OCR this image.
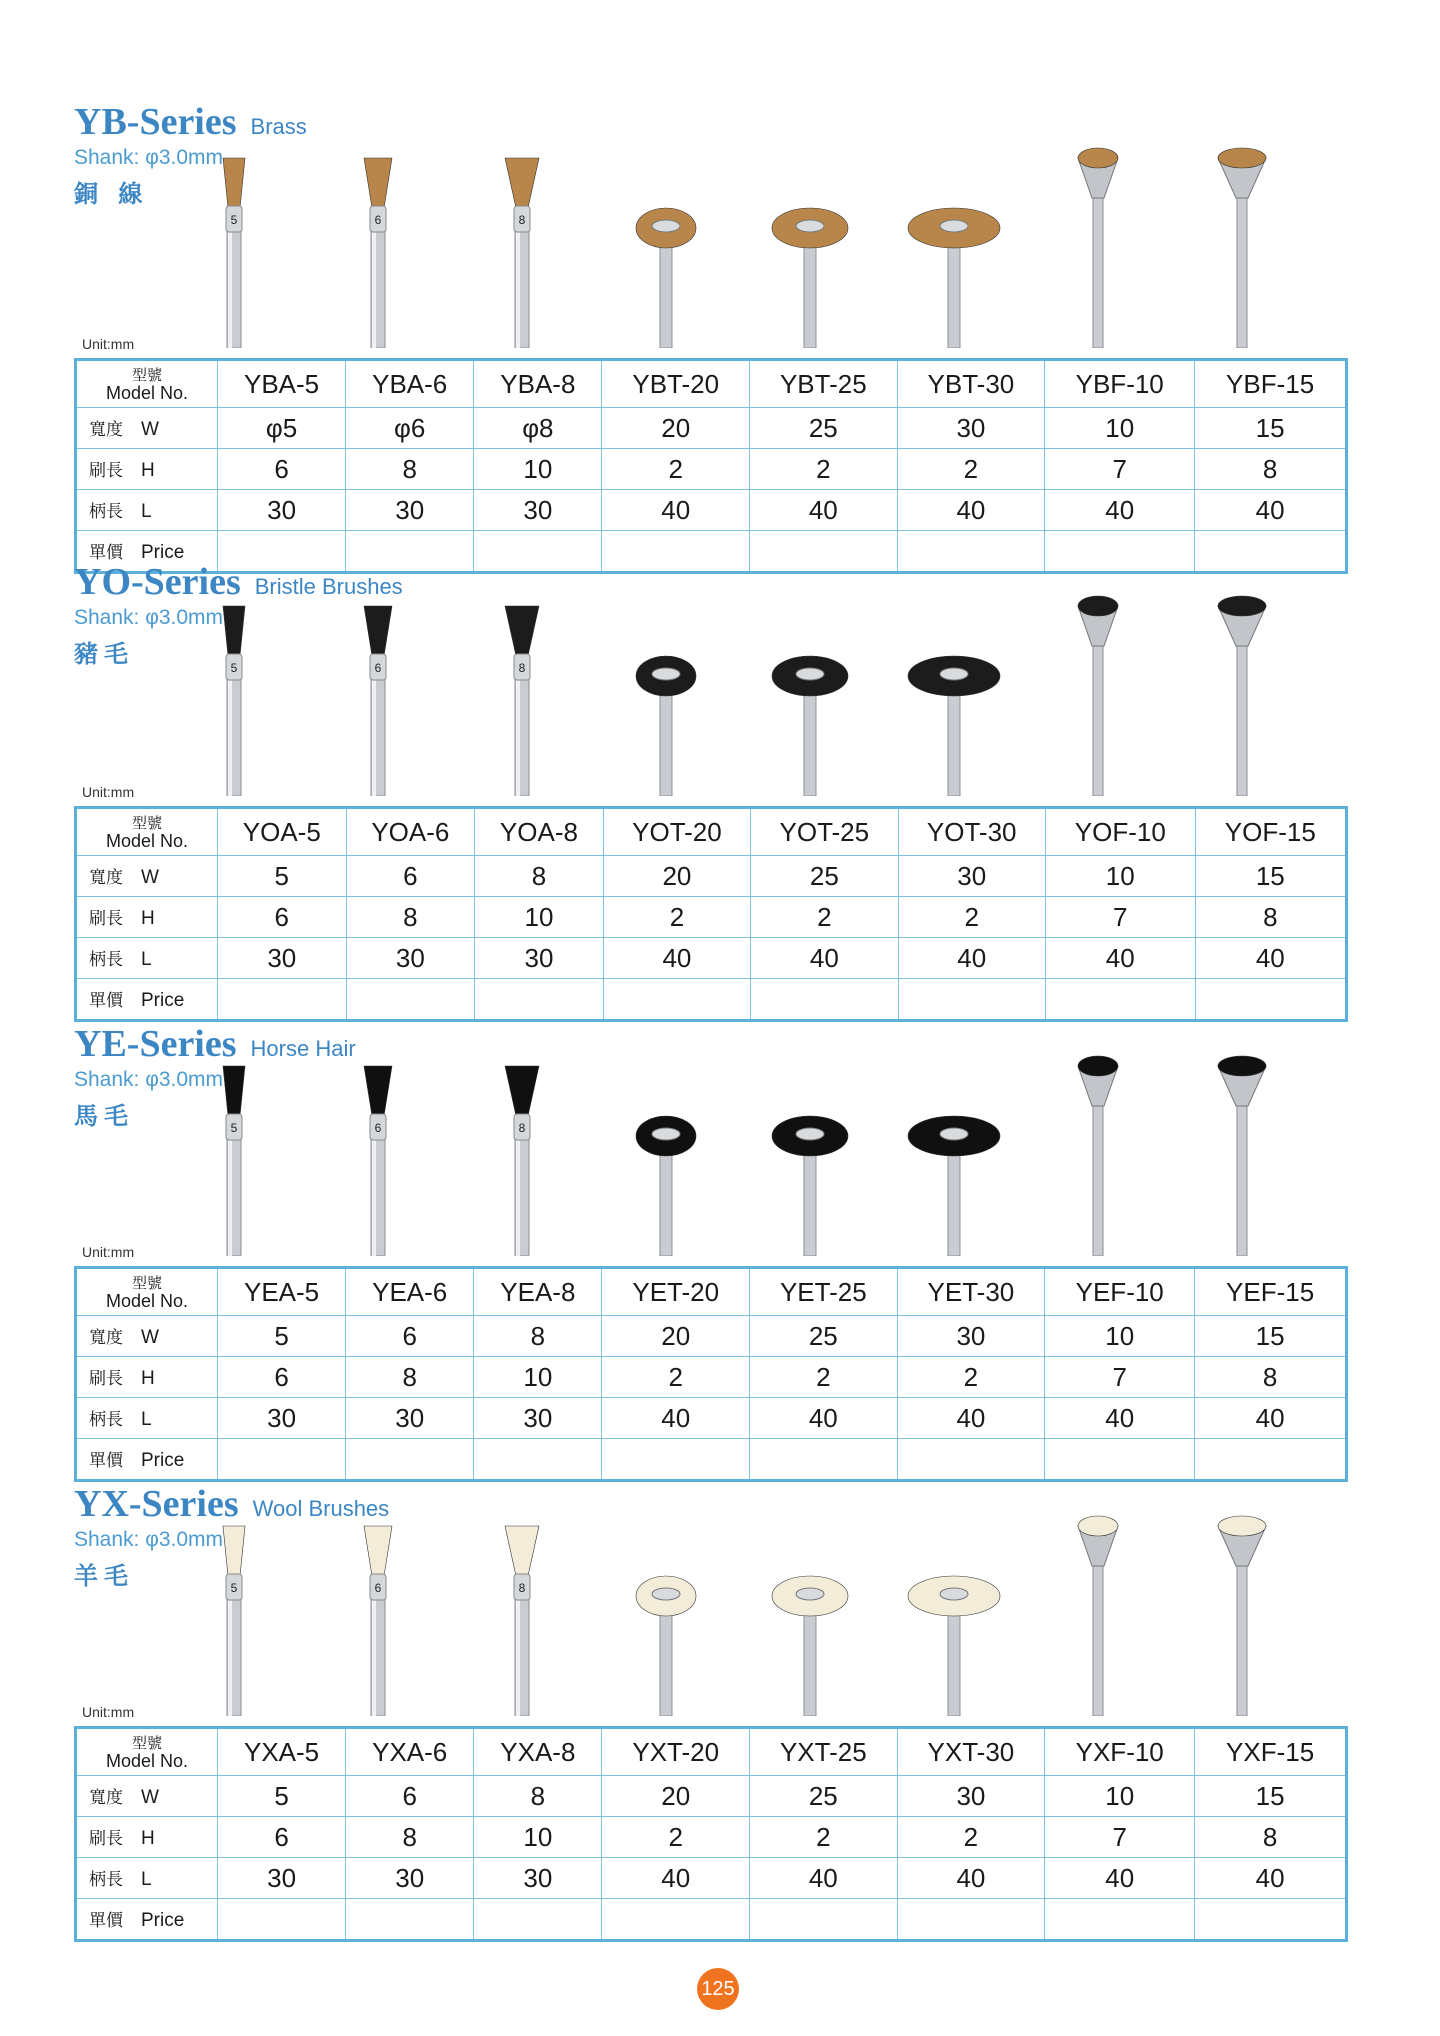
YB-Series Brass
Shank: φ3.0mm
銅 線
Unit:mm
5	6	8
型號
Model No.	YBA-5	YBA-6	YBA-8	YBT-20	YBT-25	YBT-30	YBF-10	YBF-15
寬度 W	φ5	φ6	φ8	20	25	30	10	15
刷長 H	6	8	10	2	2	2	7	8
柄長 L	30	30	30	40	40	40	40	40
單價 Price								
YO-Series Bristle Brushes
Shank: φ3.0mm
豬毛
Unit:mm
5	6	8
型號
Model No.	YOA-5	YOA-6	YOA-8	YOT-20	YOT-25	YOT-30	YOF-10	YOF-15
寬度 W	5	6	8	20	25	30	10	15
刷長 H	6	8	10	2	2	2	7	8
柄長 L	30	30	30	40	40	40	40	40
單價 Price								
YE-Series Horse Hair
Shank: φ3.0mm
馬毛
Unit:mm
5	6	8
型號
Model No.	YEA-5	YEA-6	YEA-8	YET-20	YET-25	YET-30	YEF-10	YEF-15
寬度 W	5	6	8	20	25	30	10	15
刷長 H	6	8	10	2	2	2	7	8
柄長 L	30	30	30	40	40	40	40	40
單價 Price								
YX-Series Wool Brushes
Shank: φ3.0mm
羊毛
Unit:mm
5	6	8
型號
Model No.	YXA-5	YXA-6	YXA-8	YXT-20	YXT-25	YXT-30	YXF-10	YXF-15
寬度 W	5	6	8	20	25	30	10	15
刷長 H	6	8	10	2	2	2	7	8
柄長 L	30	30	30	40	40	40	40	40
單價 Price								
125
